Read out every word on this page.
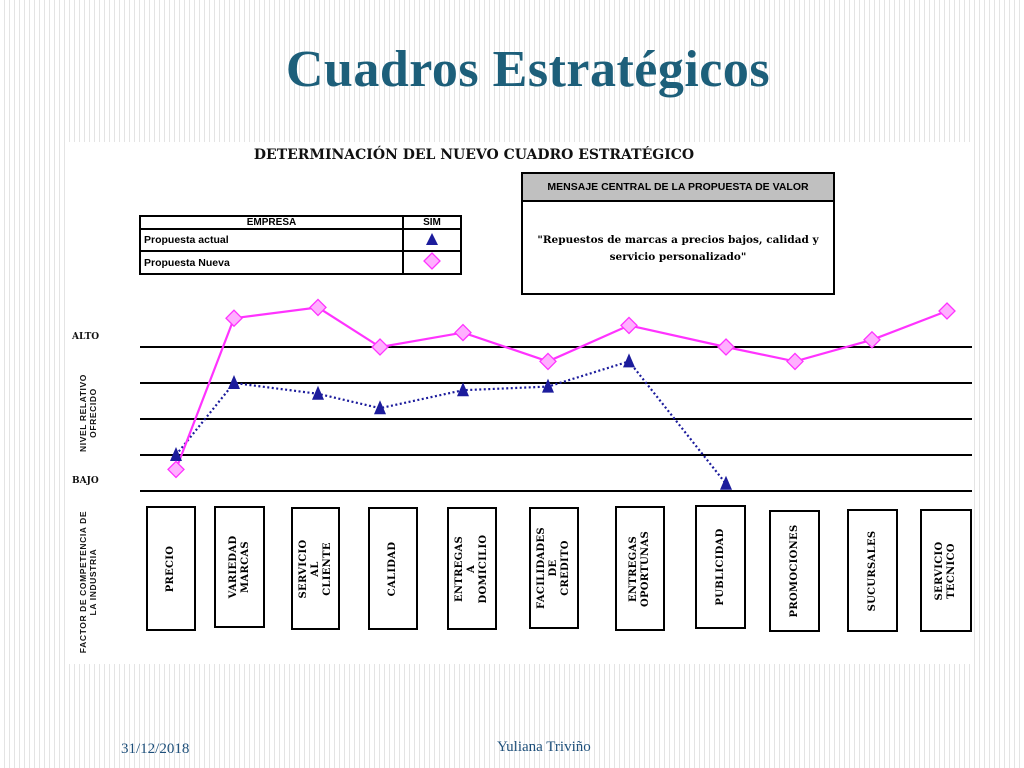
Cuadros Estratégicos
DETERMINACIÓN DEL NUEVO CUADRO ESTRATÉGICO
EMPRESA	SIM
Propuesta actual	
Propuesta Nueva	
MENSAJE CENTRAL DE LA PROPUESTA DE VALOR
"Repuestos de marcas a precios bajos, calidad y servicio personalizado"
ALTO
BAJO
NIVEL RELATIVO OFRECIDO
FACTOR DE COMPETENCIA DE LA INDUSTRIA	PRECIO	VARIEDAD
MARCAS	SERVICIO AL
CLIENTE	CALIDAD	ENTREGAS A
DOMICILIO	FACILIDADES DE
CREDITO	ENTREGAS
OPORTUNAS	PUBLICIDAD	PROMOCIONES	SUCURSALES	SERVICIO
TECNICO
31/12/2018	Yuliana Triviño
